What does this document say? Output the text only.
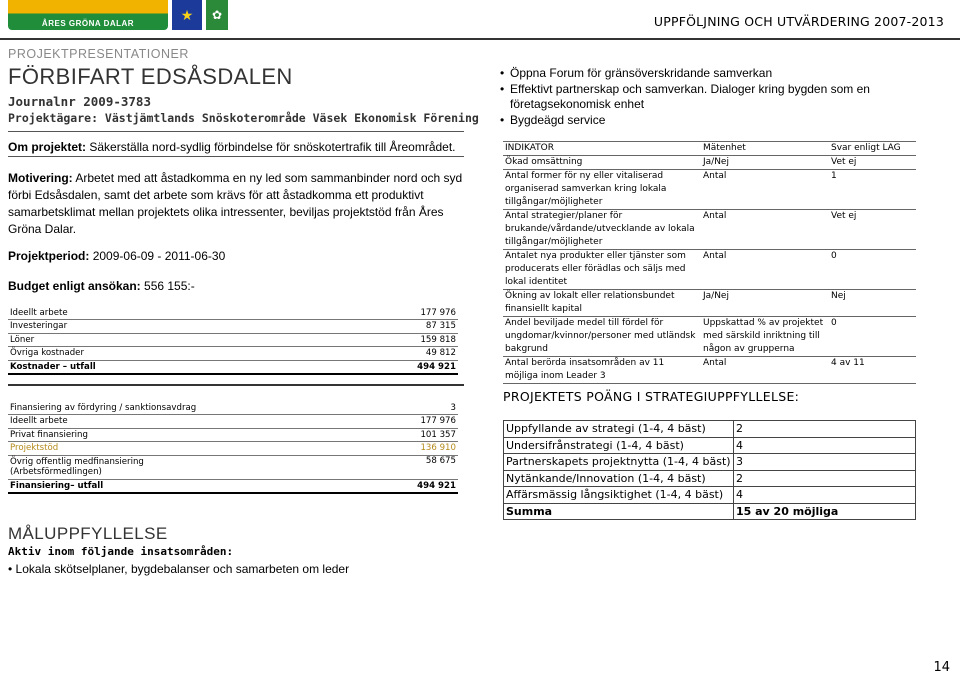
ÅRES GRÖNA DALAR
★	✿	UPPFÖLJNING OCH UTVÄRDERING 2007-2013
PROJEKTPRESENTATIONER
FÖRBIFART EDSÅSDALEN
Journalnr 2009-3783
Projektägare: Västjämtlands Snöskoterområde Väsek Ekonomisk Förening
Om projektet: Säkerställa nord-sydlig förbindelse för snöskotertrafik till Åreområdet.
Motivering: Arbetet med att åstadkomma en ny led som sammanbinder nord och syd förbi Edsåsdalen, samt det arbete som krävs för att åstadkomma ett produktivt samarbetsklimat mellan projektets olika intressenter, beviljas projektstöd från Åres Gröna Dalar.
Projektperiod: 2009-06-09 - 2011-06-30
Budget enligt ansökan: 556 155:-
Ideellt arbete	177 976
Investeringar	87 315
Löner	159 818
Övriga kostnader	49 812
Kostnader – utfall	494 921
Finansiering av fördyring / sanktionsavdrag	3
Ideellt arbete	177 976
Privat finansiering	101 357
Projektstöd	136 910
Övrig offentlig medfinansiering (Arbetsförmedlingen)	58 675
Finansiering– utfall	494 921
MÅLUPPFYLLELSE
Aktiv inom följande insatsområden:
• Lokala skötselplaner, bygdebalanser och samarbeten om leder
• Öppna Forum för gränsöverskridande samverkan
• Effektivt partnerskap och samverkan. Dialoger kring bygden som en företagsekonomisk enhet
• Bygdeägd service
INDIKATOR	Mätenhet	Svar enligt LAG
Ökad omsättning	Ja/Nej	Vet ej
Antal former för ny eller vitaliserad organiserad samverkan kring lokala tillgångar/möjligheter	Antal	1
Antal strategier/planer för brukande/vårdande/utvecklande av lokala tillgångar/möjligheter	Antal	Vet ej
Antalet nya produkter eller tjänster som producerats eller förädlas och säljs med lokal identitet	Antal	0
Ökning av lokalt eller relationsbundet finansiellt kapital	Ja/Nej	Nej
Andel beviljade medel till fördel för ungdomar/kvinnor/personer med utländsk bakgrund	Uppskattad % av projektet med särskild inriktning till någon av grupperna	0
Antal berörda insatsområden av 11 möjliga inom Leader 3	Antal	4 av 11
PROJEKTETS POÄNG I STRATEGIUPPFYLLELSE:
Uppfyllande av strategi (1-4, 4 bäst)	2
Undersifrånstrategi (1-4, 4 bäst)	4
Partnerskapets projektnytta (1-4, 4 bäst)	3
Nytänkande/Innovation (1-4, 4 bäst)	2
Affärsmässig långsiktighet (1-4, 4 bäst)	4
Summa	15 av 20 möjliga
14
